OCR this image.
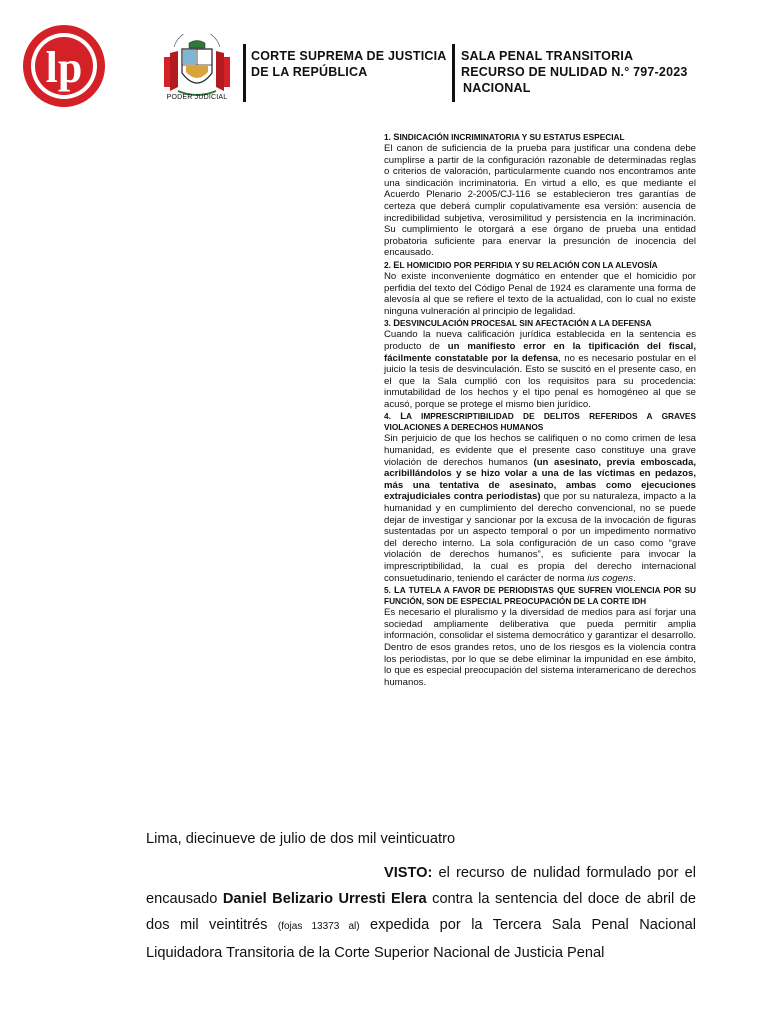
lp
PODER JUDICIAL
CORTE SUPREMA DE JUSTICIA
DE LA REPÚBLICA
SALA PENAL TRANSITORIA
RECURSO DE NULIDAD N.° 797-2023
NACIONAL

1. SINDICACIÓN INCRIMINATORIA Y SU ESTATUS ESPECIAL

El canon de suficiencia de la prueba para justificar una condena debe cumplirse a partir de la configuración razonable de determinadas reglas o criterios de valoración, particularmente cuando nos encontramos ante una sindicación incriminatoria. En virtud a ello, es que mediante el Acuerdo Plenario 2-2005/CJ-116 se establecieron tres garantías de certeza que deberá cumplir copulativamente esa versión: ausencia de incredibilidad subjetiva, verosimilitud y persistencia en la incriminación. Su cumplimiento le otorgará a ese órgano de prueba una entidad probatoria suficiente para enervar la presunción de inocencia del encausado.

2. EL HOMICIDIO POR PERFIDIA Y SU RELACIÓN CON LA ALEVOSÍA

No existe inconveniente dogmático en entender que el homicidio por perfidia del texto del Código Penal de 1924 es claramente una forma de alevosía al que se refiere el texto de la actualidad, con lo cual no existe ninguna vulneración al principio de legalidad.

3. DESVINCULACIÓN PROCESAL SIN AFECTACIÓN A LA DEFENSA

Cuando la nueva calificación jurídica establecida en la sentencia es producto de un manifiesto error en la tipificación del fiscal, fácilmente constatable por la defensa, no es necesario postular en el juicio la tesis de desvinculación. Esto se suscitó en el presente caso, en el que la Sala cumplió con los requisitos para su procedencia: inmutabilidad de los hechos y el tipo penal es homogéneo al que se acusó, porque se protege el mismo bien jurídico.

4. LA IMPRESCRIPTIBILIDAD DE DELITOS REFERIDOS A GRAVES VIOLACIONES A DERECHOS HUMANOS

Sin perjuicio de que los hechos se califiquen o no como crimen de lesa humanidad, es evidente que el presente caso constituye una grave violación de derechos humanos (un asesinato, previa emboscada, acribillándolos y se hizo volar a una de las víctimas en pedazos, más una tentativa de asesinato, ambas como ejecuciones extrajudiciales contra periodistas) que por su naturaleza, impacto a la humanidad y en cumplimiento del derecho convencional, no se puede dejar de investigar y sancionar por la excusa de la invocación de figuras sustentadas por un aspecto temporal o por un impedimento normativo del derecho interno. La sola configuración de un caso como “grave violación de derechos humanos”, es suficiente para invocar la imprescriptibilidad, la cual es propia del derecho internacional consuetudinario, teniendo el carácter de norma ius cogens.

5. LA TUTELA A FAVOR DE PERIODISTAS QUE SUFREN VIOLENCIA POR SU FUNCIÓN, SON DE ESPECIAL PREOCUPACIÓN DE LA CORTE IDH

Es necesario el pluralismo y la diversidad de medios para así forjar una sociedad ampliamente deliberativa que pueda permitir amplia información, consolidar el sistema democrático y garantizar el desarrollo. Dentro de esos grandes retos, uno de los riesgos es la violencia contra los periodistas, por lo que se debe eliminar la impunidad en ese ámbito, lo que es especial preocupación del sistema interamericano de derechos humanos.

Lima, diecinueve de julio de dos mil veinticuatro

VISTO: el recurso de nulidad formulado por el encausado Daniel Belizario Urresti Elera contra la sentencia del doce de abril de dos mil veintitrés (fojas 13373 al) expedida por la Tercera Sala Penal Nacional Liquidadora Transitoria de la Corte Superior Nacional de Justicia Penal
